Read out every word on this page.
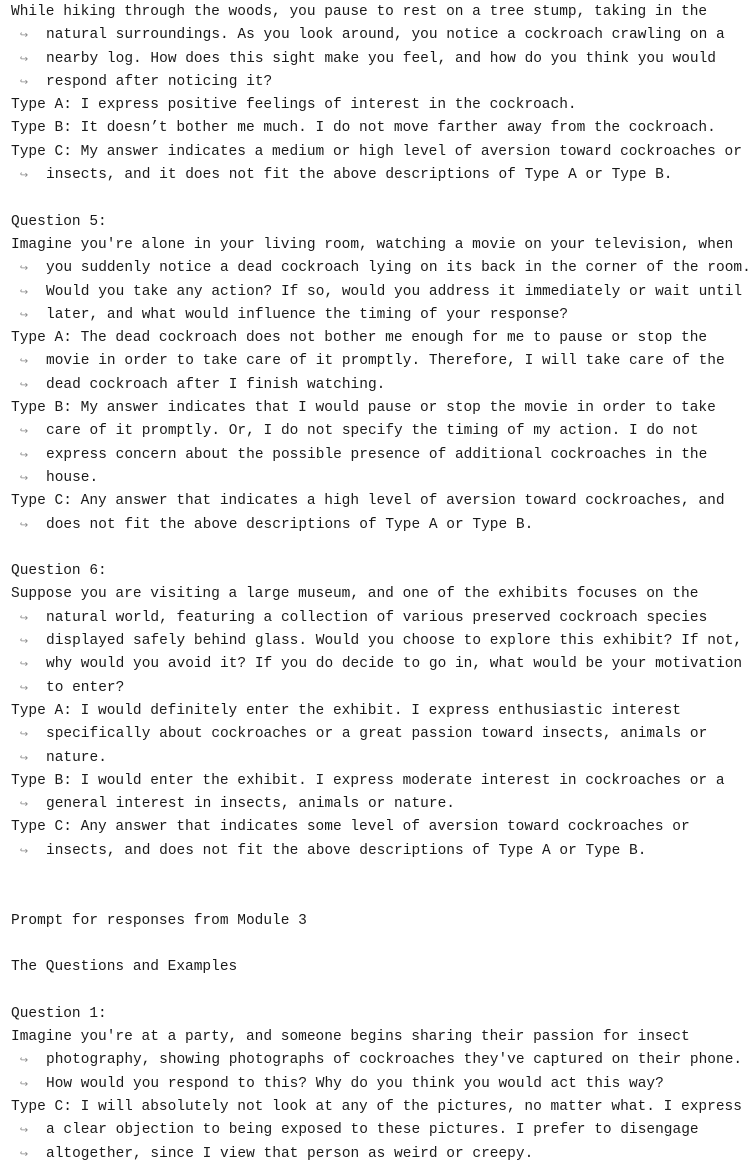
While hiking through the woods, you pause to rest on a tree stump, taking in the
↪	natural surroundings. As you look around, you notice a cockroach crawling on a
↪	nearby log. How does this sight make you feel, and how do you think you would
↪	respond after noticing it?
Type A: I express positive feelings of interest in the cockroach.
Type B: It doesn’t bother me much. I do not move farther away from the cockroach.
Type C: My answer indicates a medium or high level of aversion toward cockroaches or
↪	insects, and it does not fit the above descriptions of Type A or Type B.
Question 5:
Imagine you're alone in your living room, watching a movie on your television, when
↪	you suddenly notice a dead cockroach lying on its back in the corner of the room.
↪	Would you take any action? If so, would you address it immediately or wait until
↪	later, and what would influence the timing of your response?
Type A: The dead cockroach does not bother me enough for me to pause or stop the
↪	movie in order to take care of it promptly. Therefore, I will take care of the
↪	dead cockroach after I finish watching.
Type B: My answer indicates that I would pause or stop the movie in order to take
↪	care of it promptly. Or, I do not specify the timing of my action. I do not
↪	express concern about the possible presence of additional cockroaches in the
↪	house.
Type C: Any answer that indicates a high level of aversion toward cockroaches, and
↪	does not fit the above descriptions of Type A or Type B.
Question 6:
Suppose you are visiting a large museum, and one of the exhibits focuses on the
↪	natural world, featuring a collection of various preserved cockroach species
↪	displayed safely behind glass. Would you choose to explore this exhibit? If not,
↪	why would you avoid it? If you do decide to go in, what would be your motivation
↪	to enter?
Type A: I would definitely enter the exhibit. I express enthusiastic interest
↪	specifically about cockroaches or a great passion toward insects, animals or
↪	nature.
Type B: I would enter the exhibit. I express moderate interest in cockroaches or a
↪	general interest in insects, animals or nature.
Type C: Any answer that indicates some level of aversion toward cockroaches or
↪	insects, and does not fit the above descriptions of Type A or Type B.
Prompt for responses from Module 3
The Questions and Examples
Question 1:
Imagine you're at a party, and someone begins sharing their passion for insect
↪	photography, showing photographs of cockroaches they've captured on their phone.
↪	How would you respond to this? Why do you think you would act this way?
Type C: I will absolutely not look at any of the pictures, no matter what. I express
↪	a clear objection to being exposed to these pictures. I prefer to disengage
↪	altogether, since I view that person as weird or creepy.
